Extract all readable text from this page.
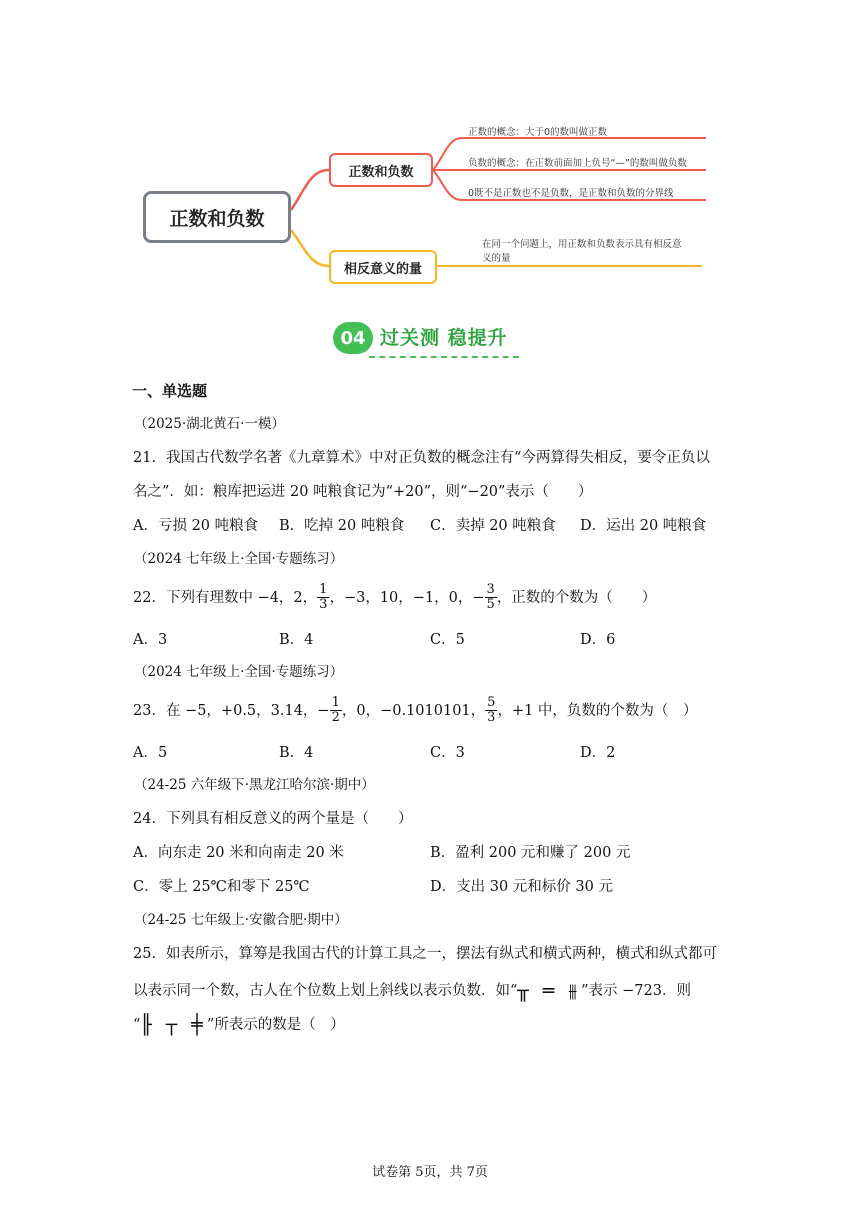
正数和负数
正数和负数
相反意义的量
正数的概念：大于0的数叫做正数
负数的概念：在正数前面加上负号“—”的数叫做负数
0既不是正数也不是负数，是正数和负数的分界线
在同一个问题上，用正数和负数表示具有相反意
义的量
04 过关测 稳提升
一、单选题
（2025·湖北黄石·一模）
21．我国古代数学名著《九章算术》中对正负数的概念注有“今两算得失相反，要令正负以
名之”．如：粮库把运进 20 吨粮食记为“+20”，则“−20”表示（　　）
A．亏损 20 吨粮食 B．吃掉 20 吨粮食 C．卖掉 20 吨粮食 D．运出 20 吨粮食
（2024 七年级上·全国·专题练习）
22．下列有理数中 −4，2， $\frac{1}{3}$ ，−3，10，−1，0，− $\frac{3}{5}$ ，正数的个数为（　　）
A．3	B．4	C．5	D．6
（2024 七年级上·全国·专题练习）
23．在 −5，+0.5，3.14，− $\frac{1}{2}$ ，0，−0.1010101， $\frac{5}{3}$ ，+1 中，负数的个数为（　）
A．5	B．4	C．3	D．2
（24-25 六年级下·黑龙江哈尔滨·期中）
24．下列具有相反意义的两个量是（　　）
A．向东走 20 米和向南走 20 米	B．盈利 200 元和赚了 200 元
C．零上 25℃和零下 25℃	D．支出 30 元和标价 30 元
（24-25 七年级上·安徽合肥·期中）
25．如表所示，算筹是我国古代的计算工具之一，摆法有纵式和横式两种，横式和纵式都可
以表示同一个数，古人在个位数上划上斜线以表示负数．如“╥ ═ ⫵”表示 −723．则
“╟ ┬ ╪”所表示的数是（　）
试卷第 5页，共 7页
